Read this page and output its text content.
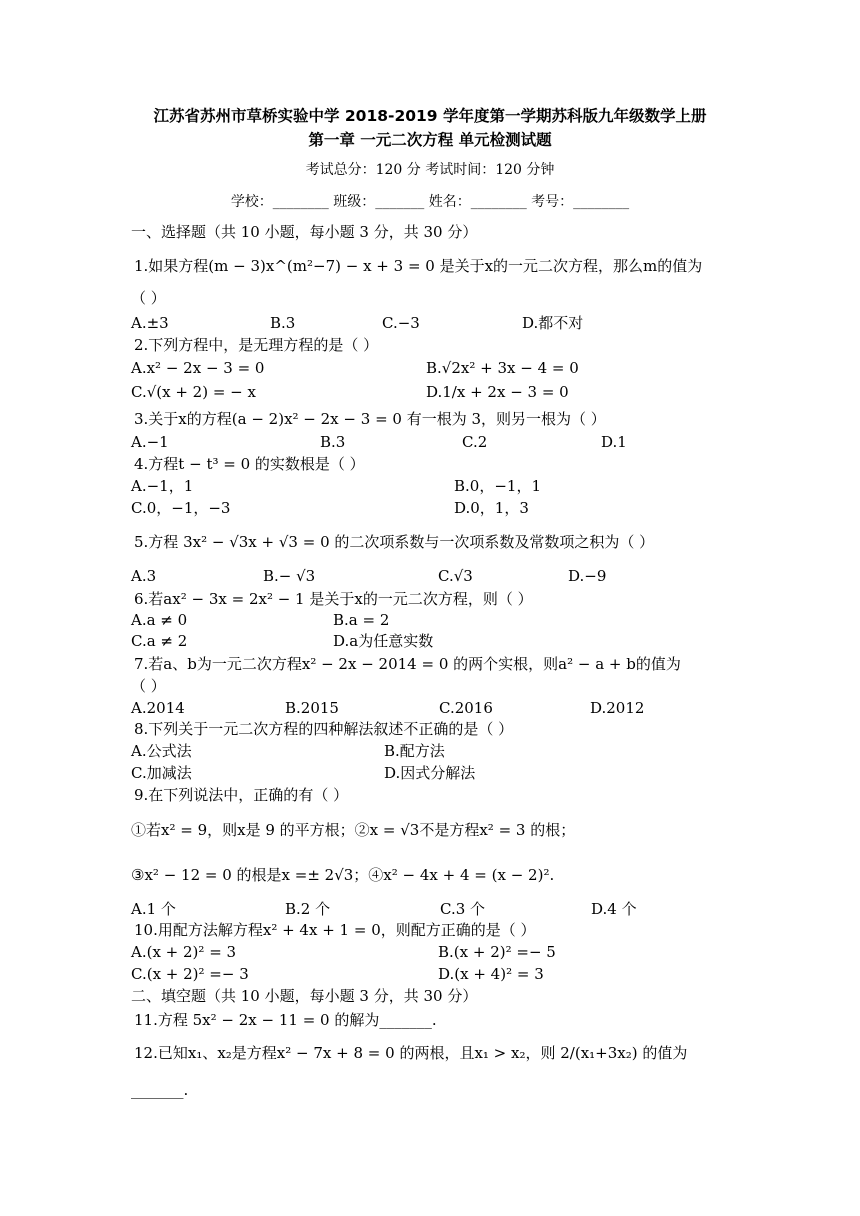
江苏省苏州市草桥实验中学 2018-2019 学年度第一学期苏科版九年级数学上册
第一章 一元二次方程 单元检测试题
考试总分：120 分 考试时间：120 分钟
学校：________ 班级：_______ 姓名：________ 考号：________
一、选择题（共 10 小题，每小题 3 分，共 30 分）
1.如果方程(m − 3)x^(m²−7) − x + 3 = 0 是关于x的一元二次方程，那么m的值为
（ ）
A.±3	B.3	C.−3	D.都不对
2.下列方程中，是无理方程的是（ ）
A.x² − 2x − 3 = 0	B.√2x² + 3x − 4 = 0
C.√(x + 2) = − x	D.1/x + 2x − 3 = 0
3.关于x的方程(a − 2)x² − 2x − 3 = 0 有一根为 3，则另一根为（ ）
A.−1	B.3	C.2	D.1
4.方程t − t³ = 0 的实数根是（ ）
A.−1，1	B.0，−1，1
C.0，−1，−3	D.0，1，3
5.方程 3x² − √3x + √3 = 0 的二次项系数与一次项系数及常数项之积为（ ）
A.3	B.− √3	C.√3	D.−9
6.若ax² − 3x = 2x² − 1 是关于x的一元二次方程，则（ ）
A.a ≠ 0	B.a = 2
C.a ≠ 2	D.a为任意实数
7.若a、b为一元二次方程x² − 2x − 2014 = 0 的两个实根，则a² − a + b的值为
（ ）
A.2014	B.2015	C.2016	D.2012
8.下列关于一元二次方程的四种解法叙述不正确的是（ ）
A.公式法	B.配方法
C.加减法	D.因式分解法
9.在下列说法中，正确的有（ ）
①若x² = 9，则x是 9 的平方根；②x = √3不是方程x² = 3 的根；
③x² − 12 = 0 的根是x =± 2√3；④x² − 4x + 4 = (x − 2)².
A.1 个	B.2 个	C.3 个	D.4 个
10.用配方法解方程x² + 4x + 1 = 0，则配方正确的是（ ）
A.(x + 2)² = 3	B.(x + 2)² =− 5
C.(x + 2)² =− 3	D.(x + 4)² = 3
二、填空题（共 10 小题，每小题 3 分，共 30 分）
11.方程 5x² − 2x − 11 = 0 的解为_______.
12.已知x₁、x₂是方程x² − 7x + 8 = 0 的两根，且x₁ > x₂，则 2/(x₁+3x₂) 的值为
_______.
